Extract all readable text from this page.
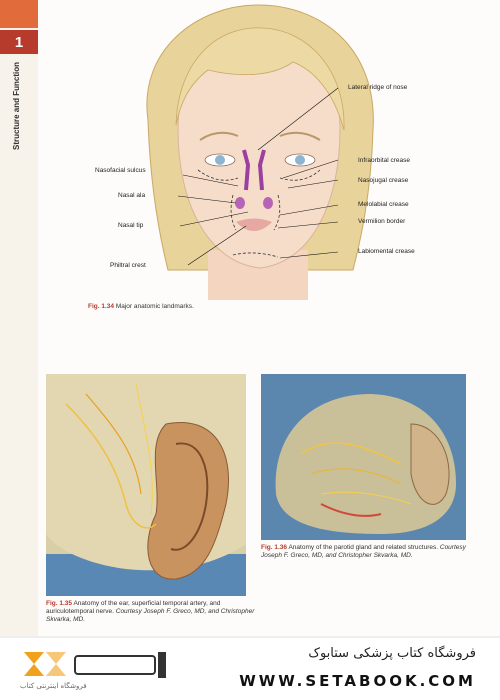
1
Structure and Function	Lateral ridge of nose
Nasofacial sulcus
Infraorbital crease
Nasojugal crease
Nasal ala
Melolabial crease
Nasal tip
Vermilion border
Philtral crest
Labiomental crease
Fig. 1.34 Major anatomic landmarks.
Fig. 1.35 Anatomy of the ear, superficial temporal artery, and auriculotemporal nerve. Courtesy Joseph F. Greco, MD, and Christopher Skvarka, MD.
Fig. 1.36 Anatomy of the parotid gland and related structures. Courtesy Joseph F. Greco, MD, and Christopher Skvarka, MD.
فروشگاه اینترنتی کتاب
فروشگاه کتاب پزشکی ستابوک
WWW.SETABOOK.COM
